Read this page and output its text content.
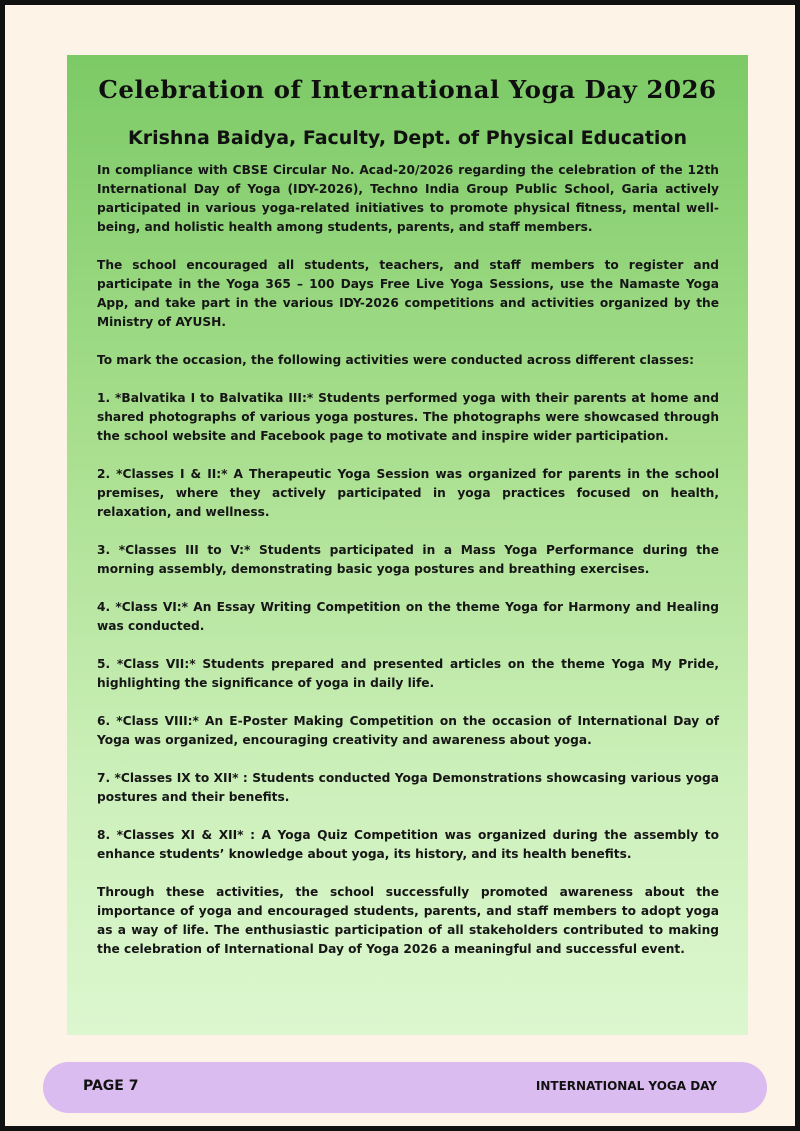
Celebration of International Yoga Day 2026
Krishna Baidya, Faculty, Dept. of Physical Education

In compliance with CBSE Circular No. Acad-20/2026 regarding the celebration of the 12th International Day of Yoga (IDY-2026), Techno India Group Public School, Garia actively participated in various yoga-related initiatives to promote physical fitness, mental well-being, and holistic health among students, parents, and staff members.

The school encouraged all students, teachers, and staff members to register and participate in the Yoga 365 – 100 Days Free Live Yoga Sessions, use the Namaste Yoga App, and take part in the various IDY-2026 competitions and activities organized by the Ministry of AYUSH.

To mark the occasion, the following activities were conducted across different classes:

1. *Balvatika I to Balvatika III:* Students performed yoga with their parents at home and shared photographs of various yoga postures. The photographs were showcased through the school website and Facebook page to motivate and inspire wider participation.

2. *Classes I & II:* A Therapeutic Yoga Session was organized for parents in the school premises, where they actively participated in yoga practices focused on health, relaxation, and wellness.

3. *Classes III to V:* Students participated in a Mass Yoga Performance during the morning assembly, demonstrating basic yoga postures and breathing exercises.

4. *Class VI:* An Essay Writing Competition on the theme Yoga for Harmony and Healing was conducted.

5. *Class VII:* Students prepared and presented articles on the theme Yoga My Pride, highlighting the significance of yoga in daily life.

6. *Class VIII:* An E-Poster Making Competition on the occasion of International Day of Yoga was organized, encouraging creativity and awareness about yoga.

7. *Classes IX to XII* : Students conducted Yoga Demonstrations showcasing various yoga postures and their benefits.

8. *Classes XI & XII* : A Yoga Quiz Competition was organized during the assembly to enhance students’ knowledge about yoga, its history, and its health benefits.

Through these activities, the school successfully promoted awareness about the importance of yoga and encouraged students, parents, and staff members to adopt yoga as a way of life. The enthusiastic participation of all stakeholders contributed to making the celebration of International Day of Yoga 2026 a meaningful and successful event.

PAGE 7	INTERNATIONAL YOGA DAY
